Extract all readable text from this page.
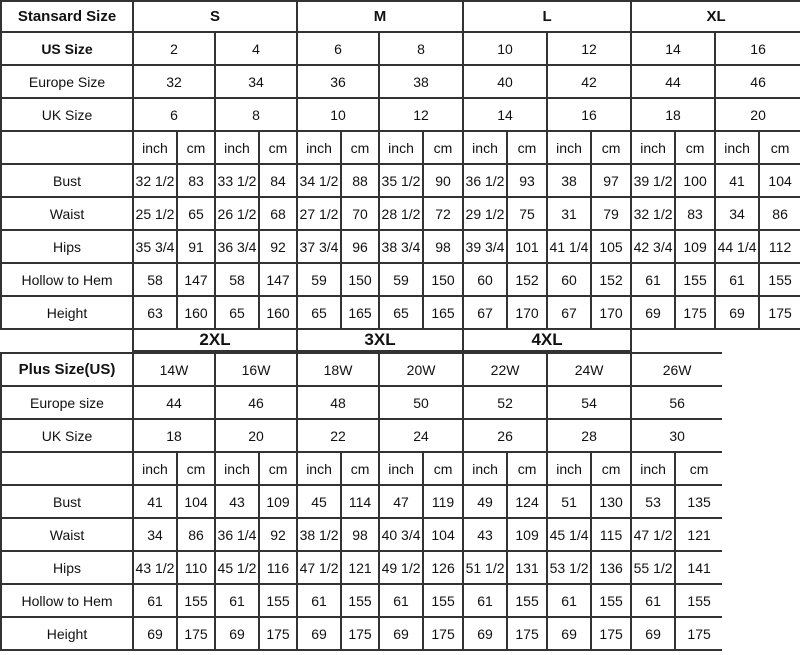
Stansard Size	S				M				L				XL			
US Size	2		4		6		8		10		12		14		16	
Europe Size	32		34		36		38		40		42		44		46	
UK Size	6		8		10		12		14		16		18		20	
	inch	cm	inch	cm	inch	cm	inch	cm	inch	cm	inch	cm	inch	cm	inch	cm
Bust	32 1/2	83	33 1/2	84	34 1/2	88	35 1/2	90	36 1/2	93	38	97	39 1/2	100	41	104
Waist	25 1/2	65	26 1/2	68	27 1/2	70	28 1/2	72	29 1/2	75	31	79	32 1/2	83	34	86
Hips	35 3/4	91	36 3/4	92	37 3/4	96	38 3/4	98	39 3/4	101	41 1/4	105	42 3/4	109	44 1/4	112
Hollow to Hem	58	147	58	147	59	150	59	150	60	152	60	152	61	155	61	155
Height	63	160	65	160	65	165	65	165	67	170	67	170	69	175	69	175
	2XL				3XL				4XL							
Plus Size(US)	14W		16W		18W		20W		22W		24W		26W	
Europe size	44		46		48		50		52		54		56	
UK Size	18		20		22		24		26		28		30	
	inch	cm	inch	cm	inch	cm	inch	cm	inch	cm	inch	cm	inch	cm
Bust	41	104	43	109	45	114	47	119	49	124	51	130	53	135
Waist	34	86	36 1/4	92	38 1/2	98	40 3/4	104	43	109	45 1/4	115	47 1/2	121
Hips	43 1/2	110	45 1/2	116	47 1/2	121	49 1/2	126	51 1/2	131	53 1/2	136	55 1/2	141
Hollow to Hem	61	155	61	155	61	155	61	155	61	155	61	155	61	155
Height	69	175	69	175	69	175	69	175	69	175	69	175	69	175
